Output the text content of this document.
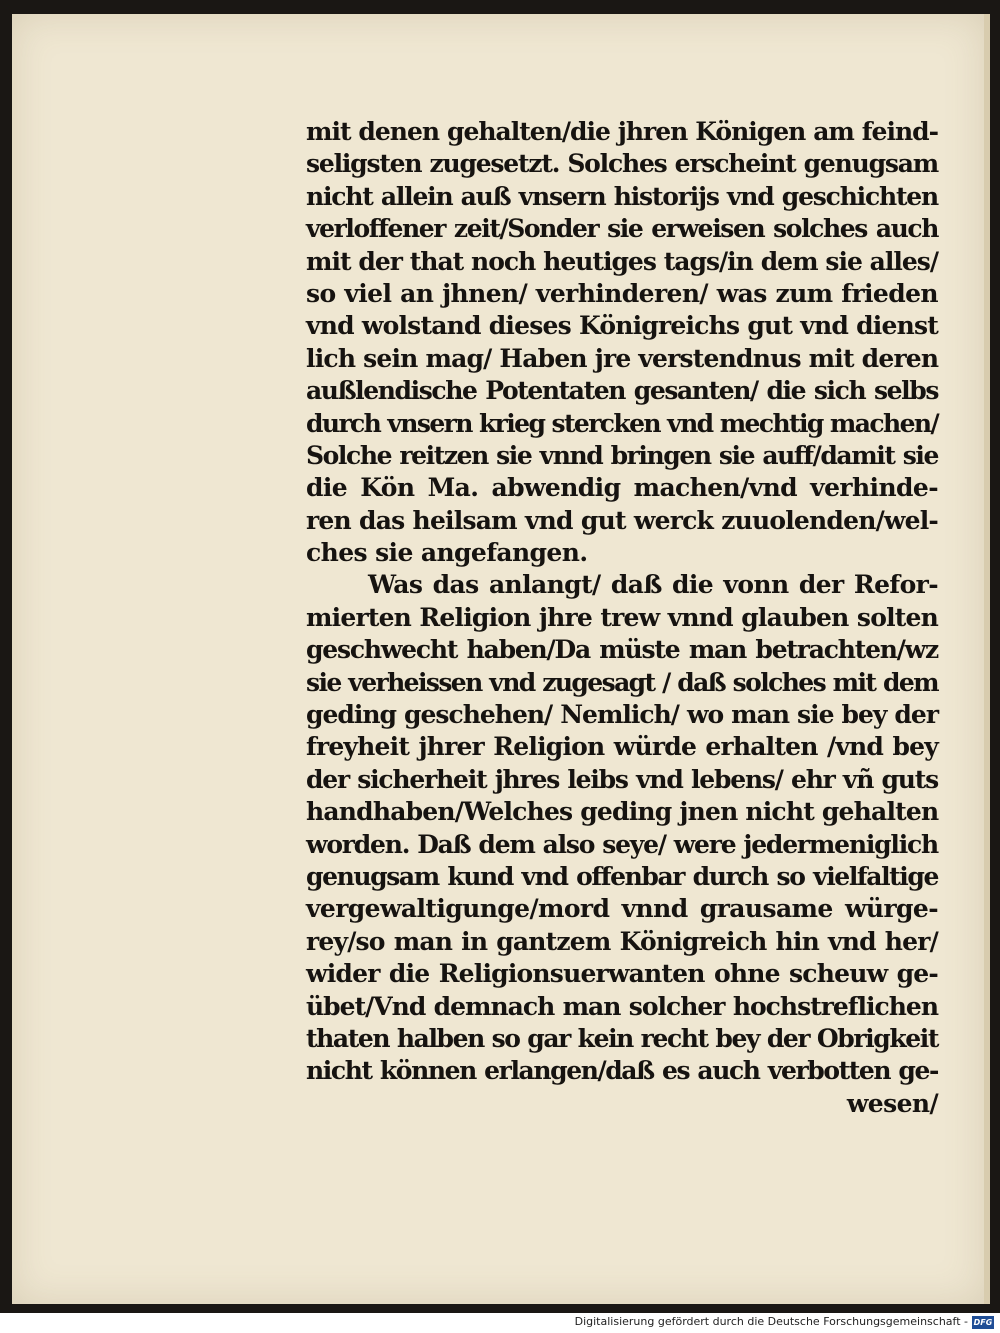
mit denen gehalten/die jhren Königen am feind-
seligsten zugesetzt. Solches erscheint genugsam
nicht allein auß vnsern historijs vnd geschichten
verloffener zeit/Sonder sie erweisen solches auch
mit der that noch heutiges tags/in dem sie alles/
so viel an jhnen/ verhinderen/ was zum frieden
vnd wolstand dieses Königreichs gut vnd dienst
lich sein mag/ Haben jre verstendnus mit deren
außlendische Potentaten gesanten/ die sich selbs
durch vnsern krieg stercken vnd mechtig machen/
Solche reitzen sie vnnd bringen sie auff/damit sie
die Kön Ma. abwendig machen/vnd verhinde-
ren das heilsam vnd gut werck zuuolenden/wel-
ches sie angefangen.
Was das anlangt/ daß die vonn der Refor-
mierten Religion jhre trew vnnd glauben solten
geschwecht haben/Da müste man betrachten/wz
sie verheissen vnd zugesagt / daß solches mit dem
geding geschehen/ Nemlich/ wo man sie bey der
freyheit jhrer Religion würde erhalten /vnd bey
der sicherheit jhres leibs vnd lebens/ ehr vñ guts
handhaben/Welches geding jnen nicht gehalten
worden. Daß dem also seye/ were jedermeniglich
genugsam kund vnd offenbar durch so vielfaltige
vergewaltigunge/mord vnnd grausame würge-
rey/so man in gantzem Königreich hin vnd her/
wider die Religionsuerwanten ohne scheuw ge-
übet/Vnd demnach man solcher hochstreflichen
thaten halben so gar kein recht bey der Obrigkeit
nicht können erlangen/daß es auch verbotten ge-
wesen/
Digitalisierung gefördert durch die Deutsche Forschungsgemeinschaft - DFG
